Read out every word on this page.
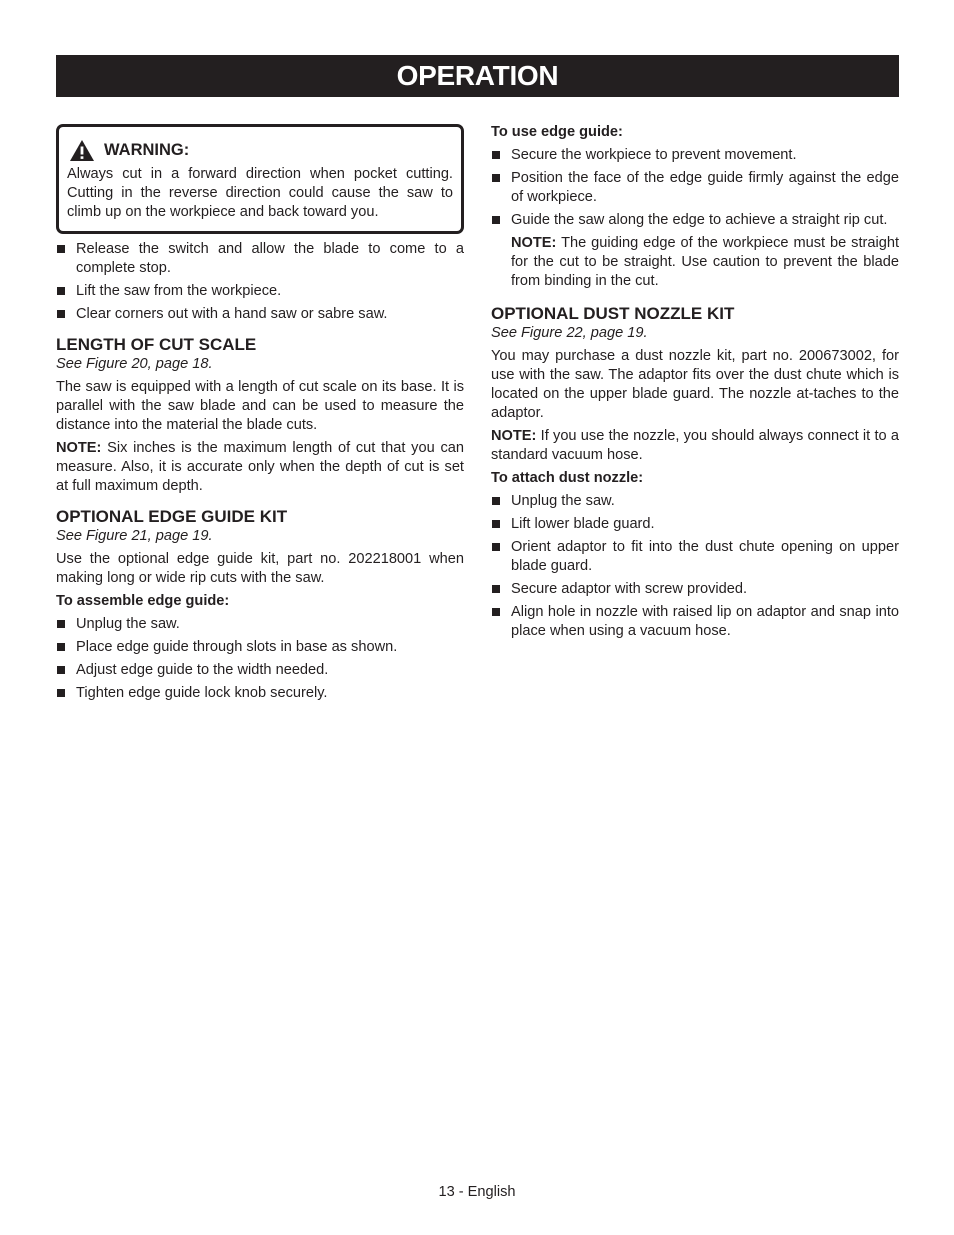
OPERATION
WARNING:

Always cut in a forward direction when pocket cutting. Cutting in the reverse direction could cause the saw to climb up on the workpiece and back toward you.

Release the switch and allow the blade to come to a complete stop.
Lift the saw from the workpiece.
Clear corners out with a hand saw or sabre saw.
LENGTH OF CUT SCALE
See Figure 20, page 18.

The saw is equipped with a length of cut scale on its base. It is parallel with the saw blade and can be used to measure the distance into the material the blade cuts.

NOTE: Six inches is the maximum length of cut that you can measure. Also, it is accurate only when the depth of cut is set at full maximum depth.

OPTIONAL EDGE GUIDE KIT
See Figure 21, page 19.

Use the optional edge guide kit, part no. 202218001 when making long or wide rip cuts with the saw.

To assemble edge guide:
Unplug the saw.
Place edge guide through slots in base as shown.
Adjust edge guide to the width needed.
Tighten edge guide lock knob securely.
To use edge guide:
Secure the workpiece to prevent movement.
Position the face of the edge guide firmly against the edge of workpiece.
Guide the saw along the edge to achieve a straight rip cut.

NOTE: The guiding edge of the workpiece must be straight for the cut to be straight. Use caution to prevent the blade from binding in the cut.

OPTIONAL DUST NOZZLE KIT
See Figure 22, page 19.

You may purchase a dust nozzle kit, part no. 200673002, for use with the saw. The adaptor fits over the dust chute which is located on the upper blade guard. The nozzle at-taches to the adaptor.

NOTE: If you use the nozzle, you should always connect it to a standard vacuum hose.

To attach dust nozzle:
Unplug the saw.
Lift lower blade guard.
Orient adaptor to fit into the dust chute opening on upper blade guard.
Secure adaptor with screw provided.
Align hole in nozzle with raised lip on adaptor and snap into place when using a vacuum hose.
13 - English
